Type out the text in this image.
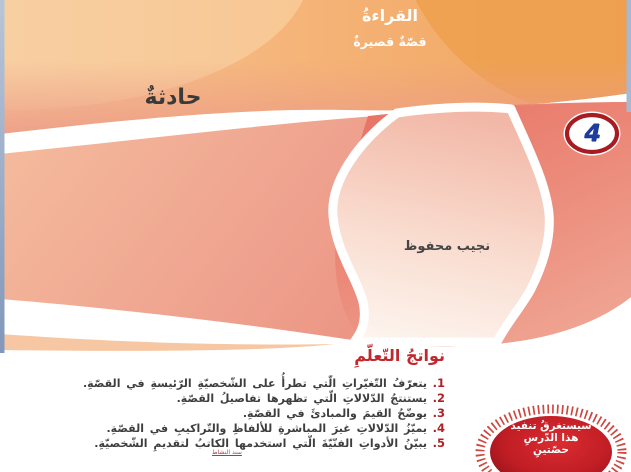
القراءةُ
قصّةٌ قصيرةٌ
حادثةٌ
4
نجيب محفوظ
نواتجُ التّعلّمِ
1.
يتعرّفُ التّغيّراتِ الّتي تطرأُ على الشّخصيّةِ الرّئيسةِ في القصّةِ.
2.
يستنتجُ الدّلالاتِ الّتي تظهرها تفاصيلُ القصّةِ.
3.
يوضّحُ القيمَ والمبادئَ في القصّةِ.
4.
يميّزُ الدّلالاتِ غيرَ المباشرةِ للألفاظِ والتّراكيبِ في القصّةِ.
5.
يبيّنُ الأدواتِ الفنّيّةَ الّتي استخدمها الكاتبُ لتقديمِ الشّخصيّةِ.
سند النشاط
سيستغرقُ تنفيذُ
هذا الدّرسِ
حصّتينِ
